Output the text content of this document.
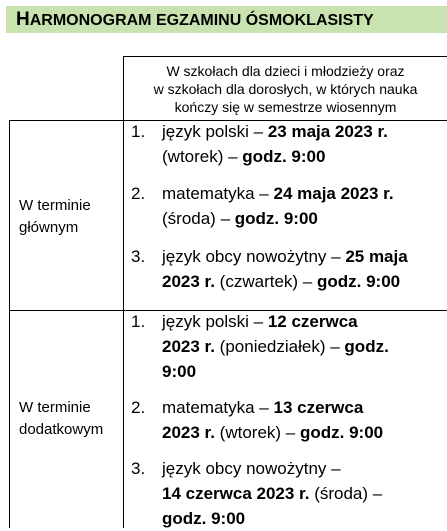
HARMONOGRAM EGZAMINU ÓSMOKLASISTY
W szkołach dla dzieci i młodzieży oraz
w szkołach dla dorosłych, w których nauka
kończy się w semestrze wiosennym
W terminie
głównym
1. język polski – 23 maja 2023 r.
(wtorek) – godz. 9:00
2. matematyka – 24 maja 2023 r.
(środa) – godz. 9:00
3. język obcy nowożytny – 25 maja
2023 r. (czwartek) – godz. 9:00
W terminie
dodatkowym
1. język polski – 12 czerwca
2023 r. (poniedziałek) – godz.
9:00
2. matematyka – 13 czerwca
2023 r. (wtorek) – godz. 9:00
3. język obcy nowożytny –
14 czerwca 2023 r. (środa) –
godz. 9:00
